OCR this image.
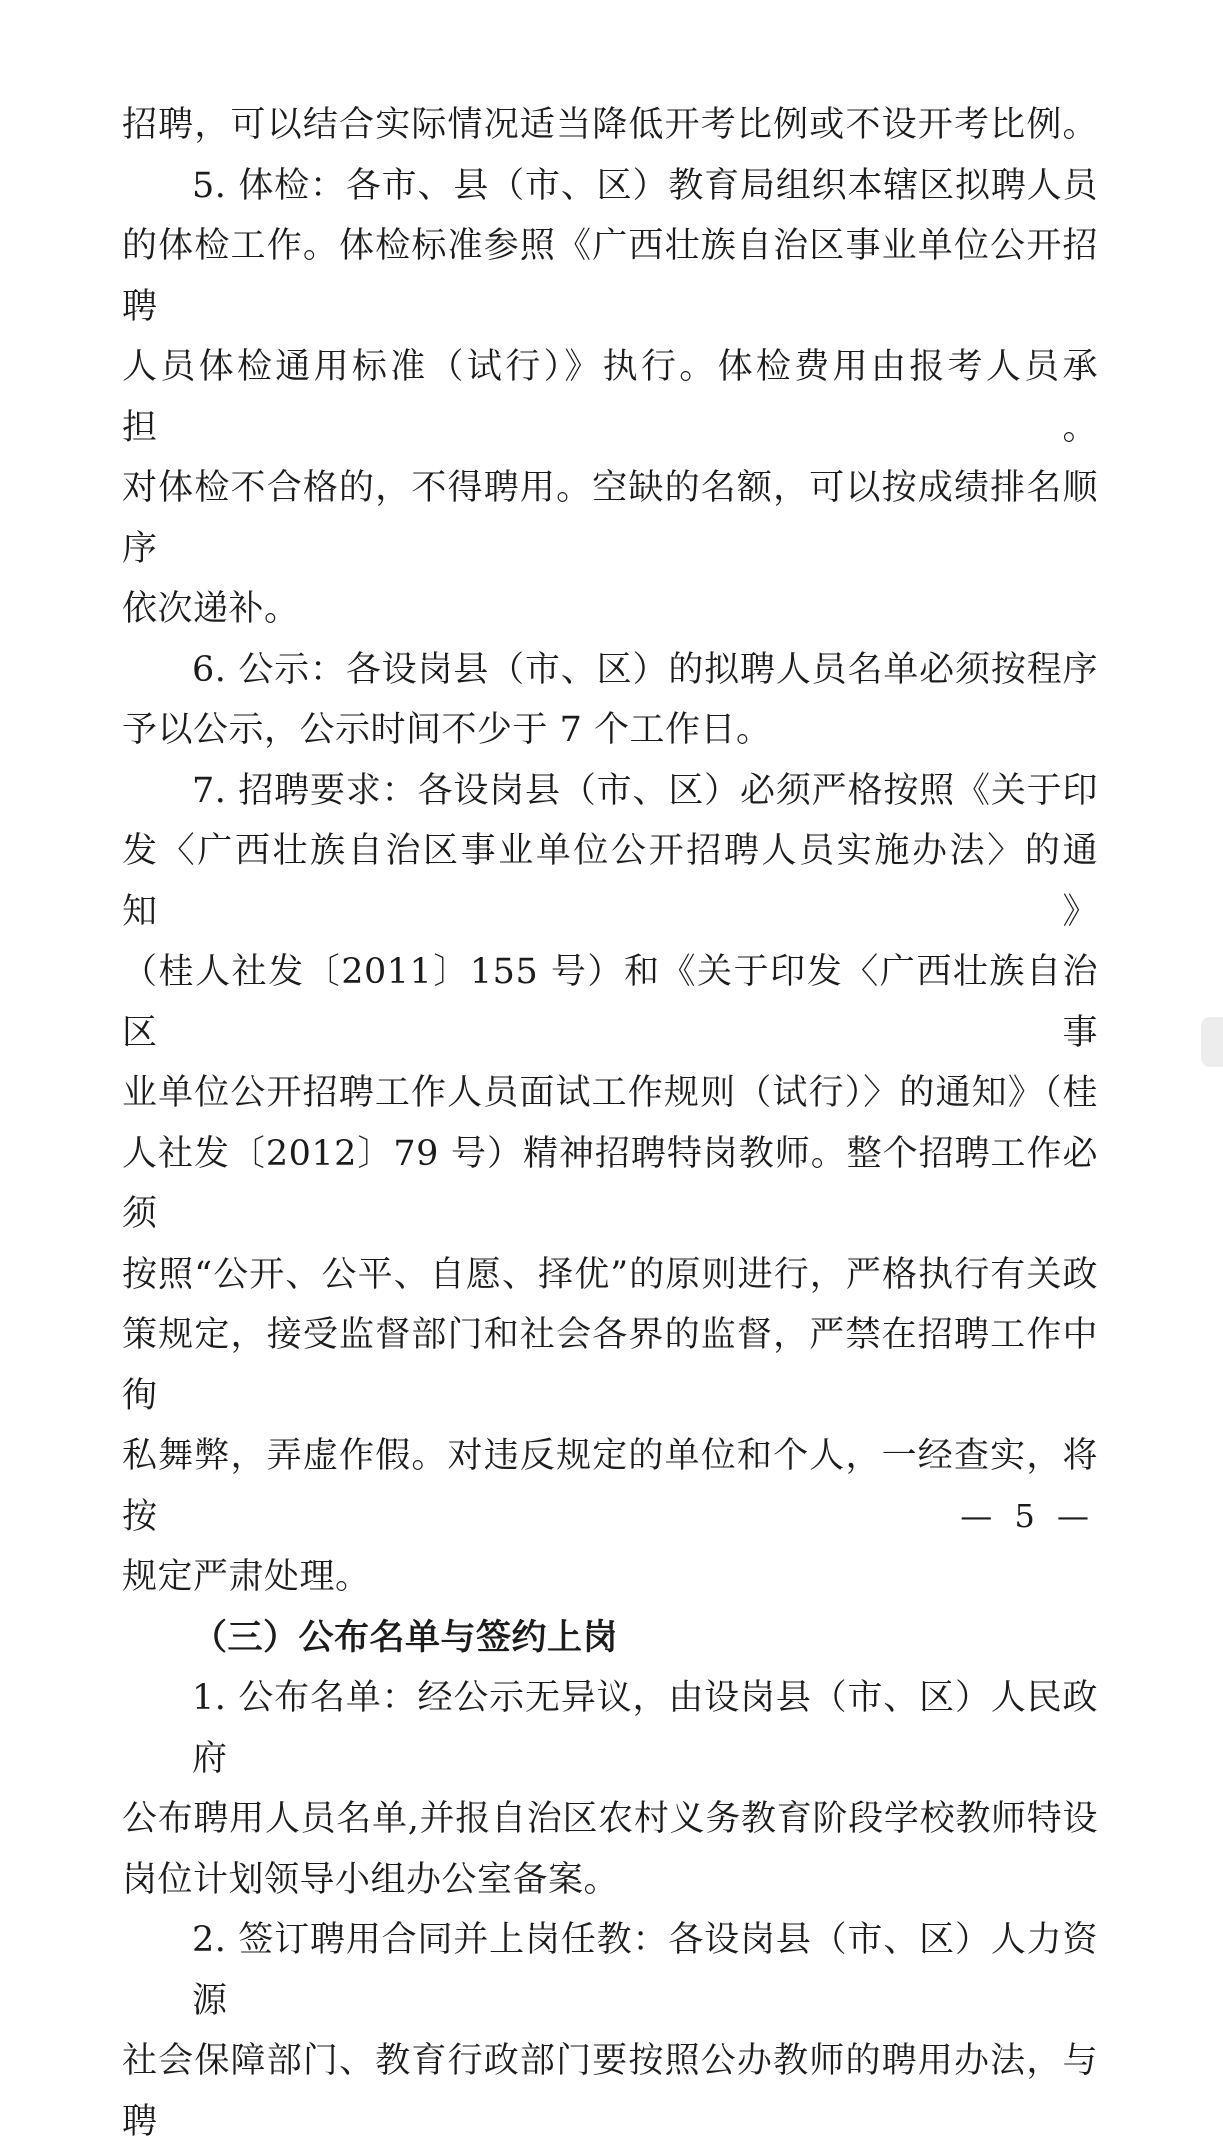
招聘，可以结合实际情况适当降低开考比例或不设开考比例。
5. 体检：各市、县（市、区）教育局组织本辖区拟聘人员
的体检工作。体检标准参照《广西壮族自治区事业单位公开招聘
人员体检通用标准（试行）》执行。体检费用由报考人员承担。
对体检不合格的，不得聘用。空缺的名额，可以按成绩排名顺序
依次递补。
6. 公示：各设岗县（市、区）的拟聘人员名单必须按程序
予以公示，公示时间不少于 7 个工作日。
7. 招聘要求：各设岗县（市、区）必须严格按照《关于印
发〈广西壮族自治区事业单位公开招聘人员实施办法〉的通知》
（桂人社发〔2011〕155 号）和《关于印发〈广西壮族自治区事
业单位公开招聘工作人员面试工作规则（试行）〉的通知》（桂
人社发〔2012〕79 号）精神招聘特岗教师。整个招聘工作必须
按照“公开、公平、自愿、择优”的原则进行，严格执行有关政
策规定，接受监督部门和社会各界的监督，严禁在招聘工作中徇
私舞弊，弄虚作假。对违反规定的单位和个人，一经查实，将按
规定严肃处理。
（三）公布名单与签约上岗
1. 公布名单：经公示无异议，由设岗县（市、区）人民政府
公布聘用人员名单,并报自治区农村义务教育阶段学校教师特设
岗位计划领导小组办公室备案。
2. 签订聘用合同并上岗任教：各设岗县（市、区）人力资源
社会保障部门、教育行政部门要按照公办教师的聘用办法，与聘
— 5 —
